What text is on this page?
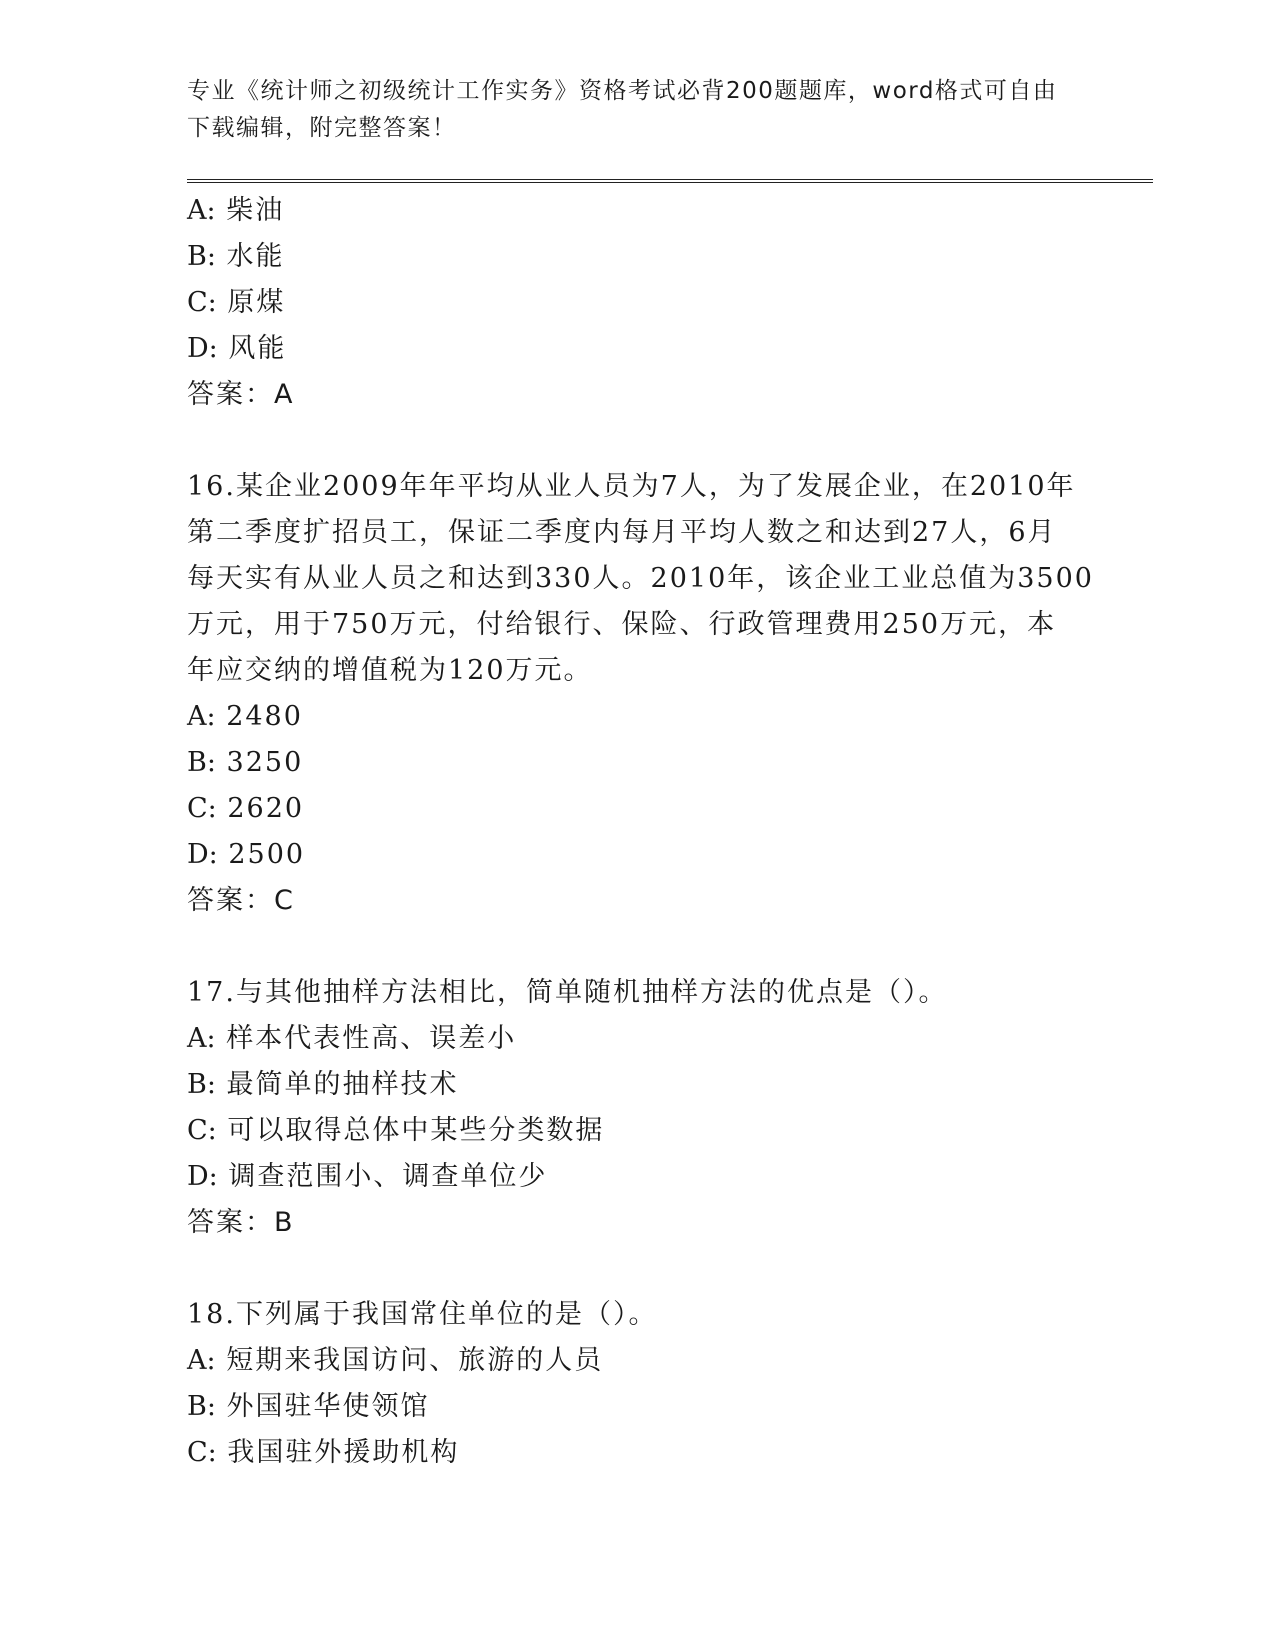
专业《统计师之初级统计工作实务》资格考试必背200题题库，word格式可自由下载编辑，附完整答案！
A: 柴油
B: 水能
C: 原煤
D: 风能
答案：A
16.某企业2009年年平均从业人员为7人，为了发展企业，在2010年
第二季度扩招员工，保证二季度内每月平均人数之和达到27人，6月
每天实有从业人员之和达到330人。2010年，该企业工业总值为3500
万元，用于750万元，付给银行、保险、行政管理费用250万元，本
年应交纳的增值税为120万元。
A: 2480
B: 3250
C: 2620
D: 2500
答案：C
17.与其他抽样方法相比，简单随机抽样方法的优点是（）。
A: 样本代表性高、误差小
B: 最简单的抽样技术
C: 可以取得总体中某些分类数据
D: 调查范围小、调查单位少
答案：B
18.下列属于我国常住单位的是（）。
A: 短期来我国访问、旅游的人员
B: 外国驻华使领馆
C: 我国驻外援助机构
